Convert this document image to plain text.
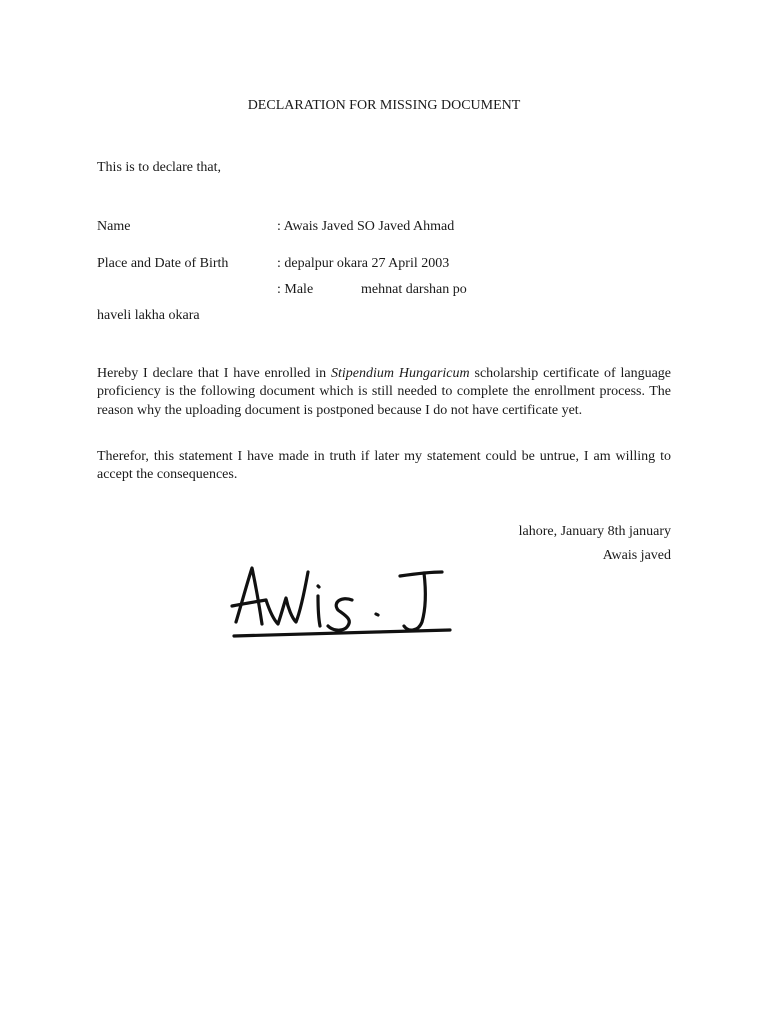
DECLARATION FOR MISSING DOCUMENT
This is to declare that,
Name	: Awais Javed SO Javed Ahmad
Place and Date of Birth	: depalpur okara 27 April 2003
: Male	mehnat darshan po
haveli lakha okara
Hereby I declare that I have enrolled in Stipendium Hungaricum scholarship certificate of language proficiency is the following document which is still needed to complete the enrollment process. The reason why the uploading document is postponed because I do not have certificate yet.
Therefor, this statement I have made in truth if later my statement could be untrue, I am willing to accept the consequences.
lahore, January 8th january
Awais javed
